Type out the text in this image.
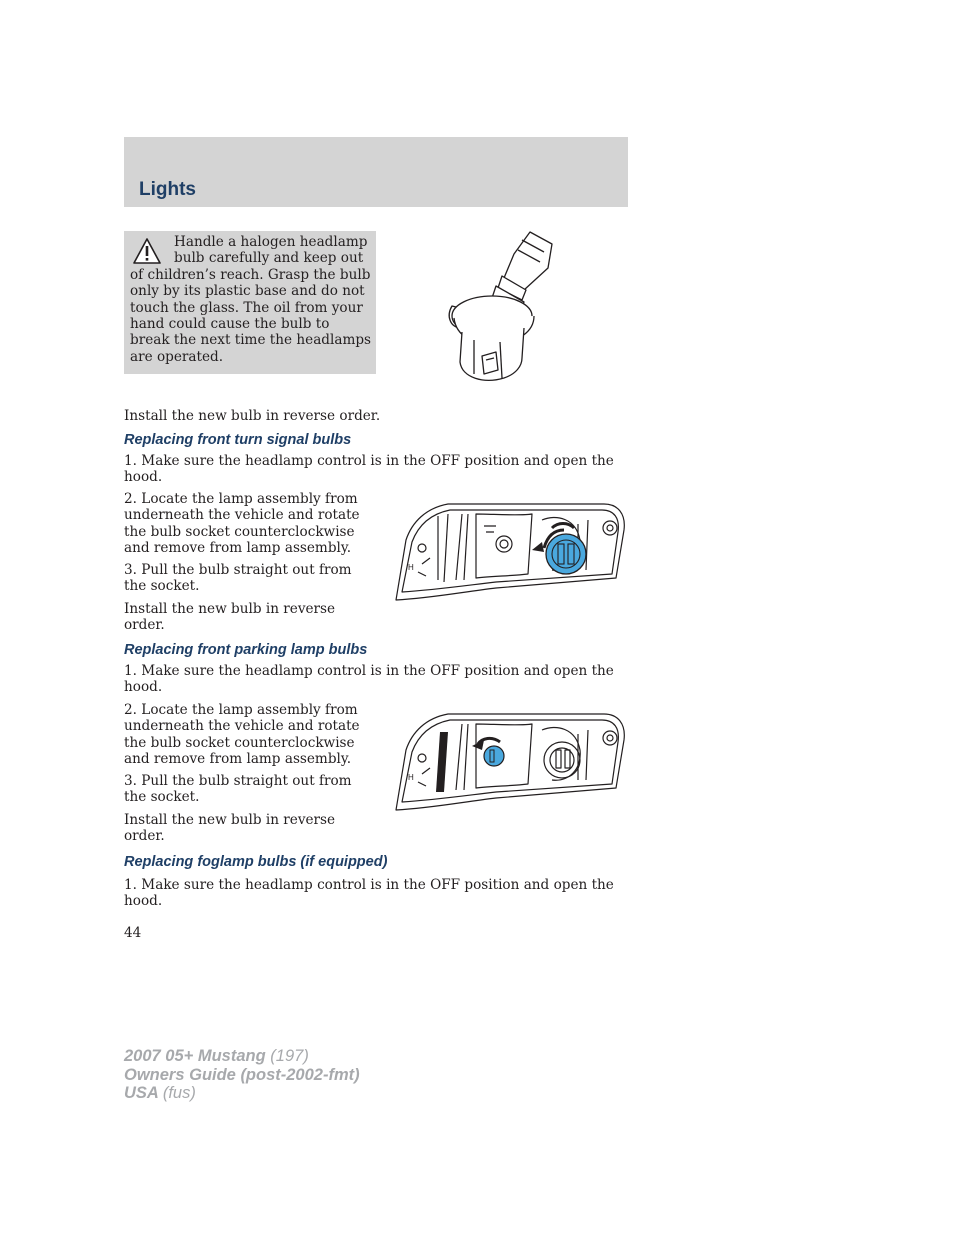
Lights
Handle a halogen headlamp bulb carefully and keep out of children’s reach. Grasp the bulb only by its plastic base and do not touch the glass. The oil from your hand could cause the bulb to break the next time the headlamps are operated.

Install the new bulb in reverse order.

Replacing front turn signal bulbs

1. Make sure the headlamp control is in the OFF position and open the hood.

2. Locate the lamp assembly from underneath the vehicle and rotate the bulb socket counterclockwise and remove from lamp assembly.

3. Pull the bulb straight out from the socket.

Install the new bulb in reverse order.

H
Replacing front parking lamp bulbs

1. Make sure the headlamp control is in the OFF position and open the hood.

2. Locate the lamp assembly from underneath the vehicle and rotate the bulb socket counterclockwise and remove from lamp assembly.

3. Pull the bulb straight out from the socket.

Install the new bulb in reverse order.

H
Replacing foglamp bulbs (if equipped)

1. Make sure the headlamp control is in the OFF position and open the hood.

44
2007 05+ Mustang (197)
Owners Guide (post-2002-fmt)
USA (fus)
